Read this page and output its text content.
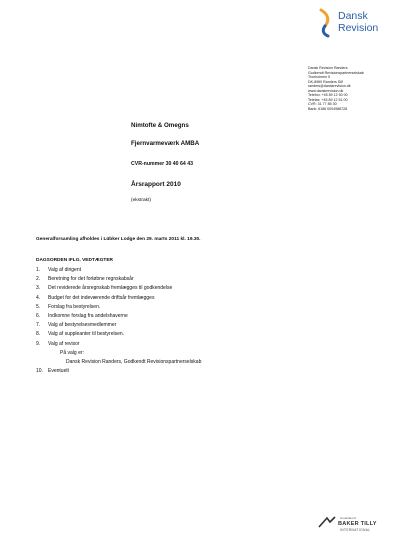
Dansk
Revision
Dansk Revision Randers
Godkendt Revisionspartnerselskab
Tronholmen 5
DK-8960 Randers SØ
randers@danskrevision.dk
www.danskrevision.dk
Telefon: +45 89 12 50 00
Telefax: +45 89 12 51 00
CVR: 31 77 85 30
Bank: 6186 0004988728
Nimtofte & Omegns
Fjernvarmeværk AMBA
CVR-nummer 30 40 64 43
Årsrapport 2010
(ekstrakt)
Generalforsamling afholdes i Lübker Lodge den 29. marts 2011 kl. 19.30.
DAGSORDEN IFLG. VEDTÆGTER
1. Valg af dirigent
2. Beretning for det forløbne regnskabsår
3. Det reviderede årsregnskab fremlægges til godkendelse
4. Budget for det indeværende driftsår fremlægges
5. Forslag fra bestyrelsen.
6. Indkomne forslag fra andelshaverne
7. Valg af bestyrelsesmedlemmer
8. Valg af suppleanter til bestyrelsen.
9. Valg af revisor
På valg er:
Dansk Revision Randers, Godkendt Revisionspartnerselskab
10. Eventuelt
A member of
BAKER TILLY
INTERNATIONAL
